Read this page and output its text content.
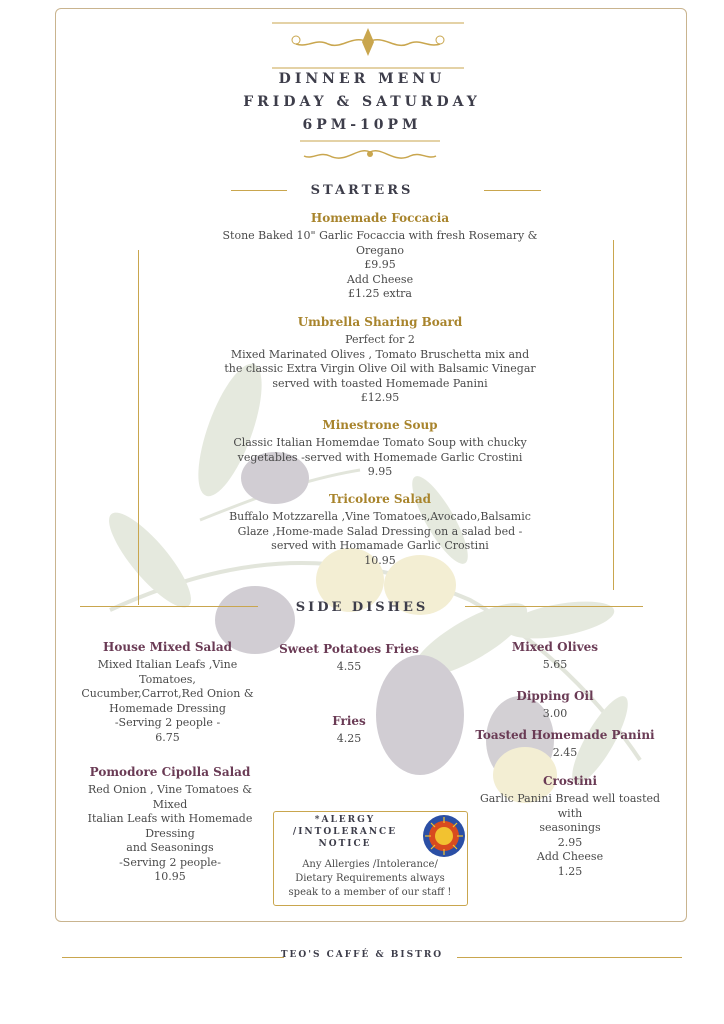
DINNER MENU
FRIDAY & SATURDAY
6PM-10PM
STARTERS
Homemade Foccacia
Stone Baked 10" Garlic Focaccia with fresh Rosemary &
Oregano
£9.95
Add Cheese
£1.25 extra
Umbrella Sharing Board
Perfect for 2
Mixed Marinated Olives , Tomato Bruschetta mix and
the classic Extra Virgin Olive Oil with Balsamic Vinegar
served with toasted Homemade Panini
£12.95
Minestrone Soup
Classic Italian Homemdae Tomato Soup with chucky
vegetables -served with Homemade Garlic Crostini
9.95
Tricolore Salad
Buffalo Motzzarella ,Vine Tomatoes,Avocado,Balsamic
Glaze ,Home-made Salad Dressing on a salad bed -
served with Homamade Garlic Crostini
10.95
SIDE DISHES
House Mixed Salad
Mixed Italian Leafs ,Vine Tomatoes,
Cucumber,Carrot,Red Onion &
Homemade Dressing
-Serving 2 people -
6.75
Pomodore Cipolla Salad
Red Onion , Vine Tomatoes & Mixed
Italian Leafs with Homemade Dressing
and Seasonings
-Serving 2 people-
10.95
Sweet Potatoes Fries
4.55
Fries
4.25
Mixed Olives
5.65
Dipping Oil
3.00
Toasted Homemade Panini
2.45
Crostini
Garlic Panini Bread well toasted with
seasonings
2.95
Add Cheese
1.25
*ALERGY
/INTOLERANCE
NOTICE
Any Allergies /Intolerance/
Dietary Requirements always
speak to a member of our staff !
TEO'S CAFFÉ & BISTRO
